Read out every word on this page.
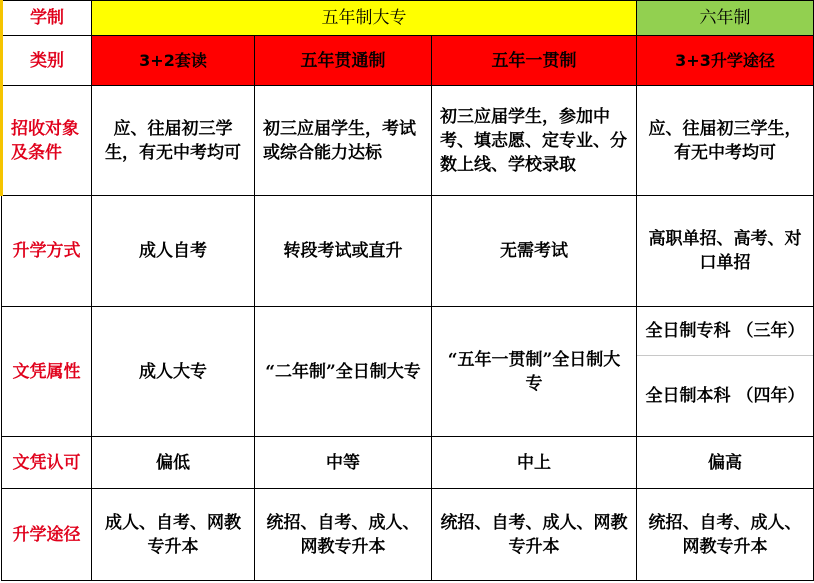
学制	五年制大专			六年制
类别	3+2套读	五年贯通制	五年一贯制	3+3升学途径
招收对象及条件	应、往届初三学生，有无中考均可	初三应届学生，考试或综合能力达标	初三应届学生，参加中考、填志愿、定专业、分数上线、学校录取	应、往届初三学生，有无中考均可
升学方式	成人自考	转段考试或直升	无需考试	高职单招、高考、对口单招
文凭属性	成人大专	“二年制”全日制大专	“五年一贯制”全日制大专	全日制专科 （三年）
全日制本科 （四年）

文凭认可	偏低	中等	中上	偏高
升学途径	成人、自考、网教专升本	统招、自考、成人、网教专升本	统招、自考、成人、网教专升本	统招、自考、成人、网教专升本
